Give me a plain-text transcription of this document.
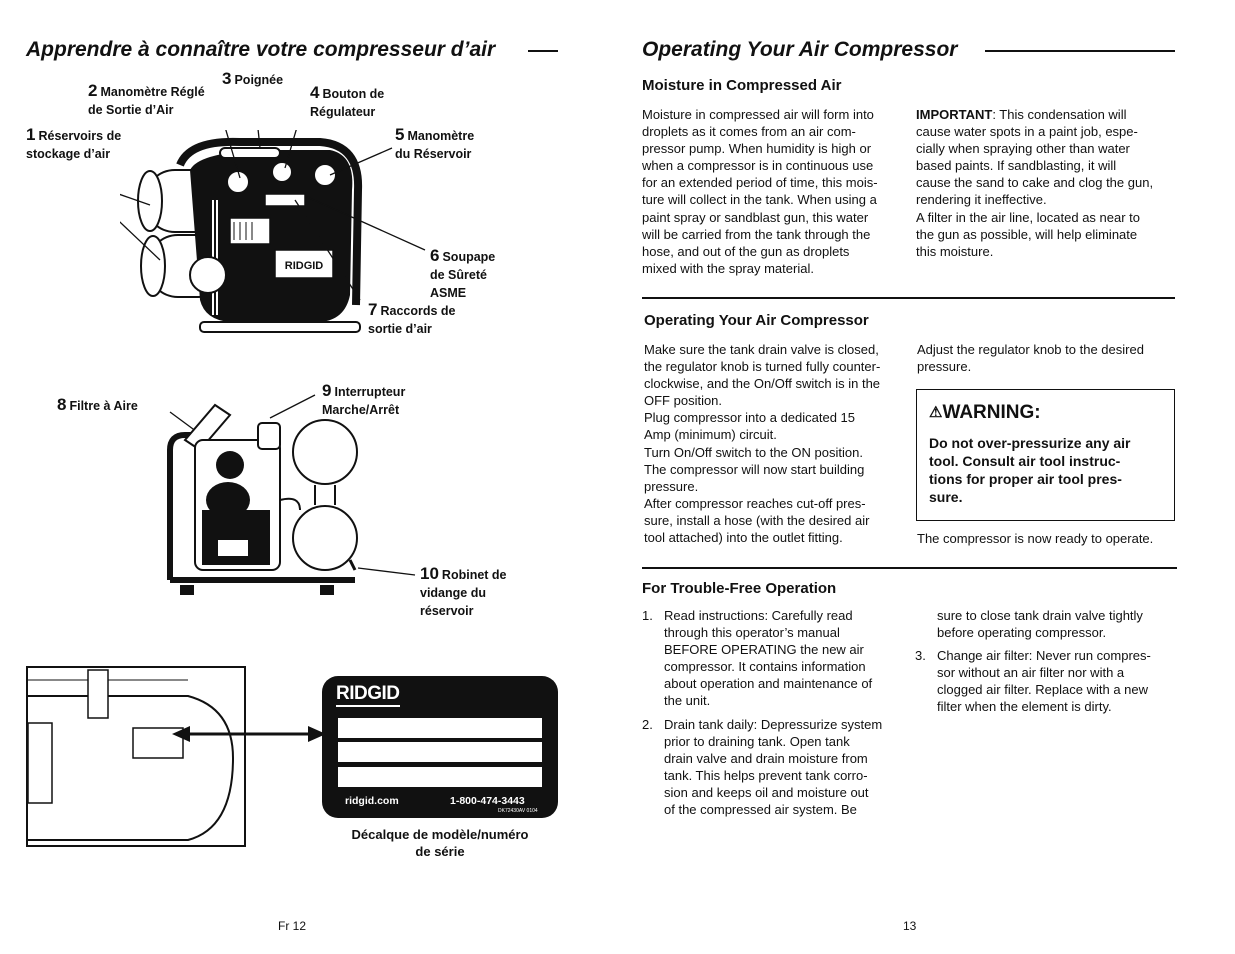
Apprendre à connaître votre compresseur d’air
1 Réservoirs de
stockage d’air
2 Manomètre Réglé
de Sortie d’Air
3 Poignée
4 Bouton de
Régulateur
5 Manomètre
du Réservoir
6 Soupape
de Sûreté
ASME
7 Raccords de
sortie d’air
8 Filtre à Aire
9 Interrupteur
Marche/Arrêt
10 Robinet de
vidange du
réservoir
RIDGID
RIDGID
ridgid.com	1-800-474-3443
DK72430AV 0104
Décalque de modèle/numéro
de série
Fr 12
Operating Your Air Compressor
Moisture in Compressed Air
Moisture in compressed air will form into
droplets as it comes from an air com-
pressor pump. When humidity is high or
when a compressor is in continuous use
for an extended period of time, this mois-
ture will collect in the tank. When using a
paint spray or sandblast gun, this water
will be carried from the tank through the
hose, and out of the gun as droplets
mixed with the spray material.
IMPORTANT: This condensation will
cause water spots in a paint job, espe-
cially when spraying other than water
based paints. If sandblasting, it will
cause the sand to cake and clog the gun,
rendering it ineffective.
A filter in the air line, located as near to
the gun as possible, will help eliminate
this moisture.
Operating Your Air Compressor
Make sure the tank drain valve is closed,
the regulator knob is turned fully counter-
clockwise, and the On/Off switch is in the
OFF position.
Plug compressor into a dedicated 15
Amp (minimum) circuit.
Turn On/Off switch to the ON position.
The compressor will now start building
pressure.
After compressor reaches cut-off pres-
sure, install a hose (with the desired air
tool attached) into the outlet fitting.
Adjust the regulator knob to the desired
pressure.
⚠WARNING:
Do not over-pressurize any air
tool. Consult air tool instruc-
tions for proper air tool pres-
sure.
The compressor is now ready to operate.
For Trouble-Free Operation
1. Read instructions: Carefully read
through this operator’s manual
BEFORE OPERATING the new air
compressor. It contains information
about operation and maintenance of
the unit.
2. Drain tank daily: Depressurize system
prior to draining tank. Open tank
drain valve and drain moisture from
tank. This helps prevent tank corro-
sion and keeps oil and moisture out
of the compressed air system. Be
sure to close tank drain valve tightly
before operating compressor.
3. Change air filter: Never run compres-
sor without an air filter nor with a
clogged air filter. Replace with a new
filter when the element is dirty.
13
